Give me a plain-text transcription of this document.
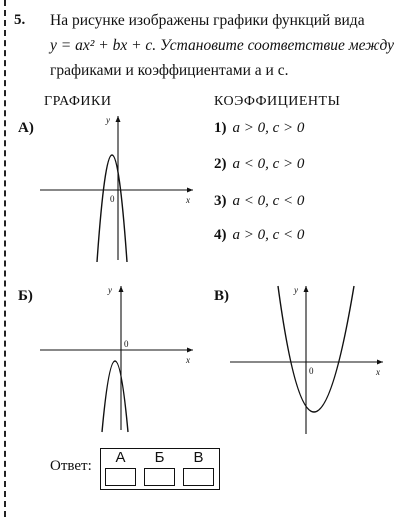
5. На рисунке изображены графики функций вида
y = ax² + bx + c. Установите соответствие между
графиками и коэффициентами a и c.
ГРАФИКИ	КОЭФФИЦИЕНТЫ
А)
x
y
0
1) a > 0, c > 0
2) a < 0, c > 0
3) a < 0, c < 0
4) a > 0, c < 0
Б)
x
y
0
В)
x
y
0
Ответ:	А	Б	В
